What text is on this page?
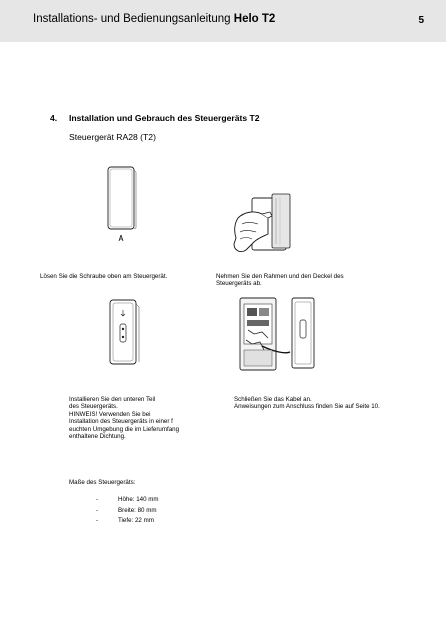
Installations- und Bedienungsanleitung Helo T2	5
4. Installation und Gebrauch des Steuergeräts T2
Steuergerät RA28 (T2)
Lösen Sie die Schraube oben am Steuergerät.	Nehmen Sie den Rahmen und den Deckel des
Steuergeräts ab.
Installieren Sie den unteren Teil
des Steuergeräts.
HINWEIS! Verwenden Sie bei
Installation des Steuergeräts in einer f
euchten Umgebung die im Lieferumfang
enthaltene Dichtung.
Schließen Sie das Kabel an.
Anweisungen zum Anschluss finden Sie auf Seite 10.
Maße des Steuergeräts:
-	Höhe: 140 mm
-	Breite: 80 mm
-	Tiefe: 22 mm
